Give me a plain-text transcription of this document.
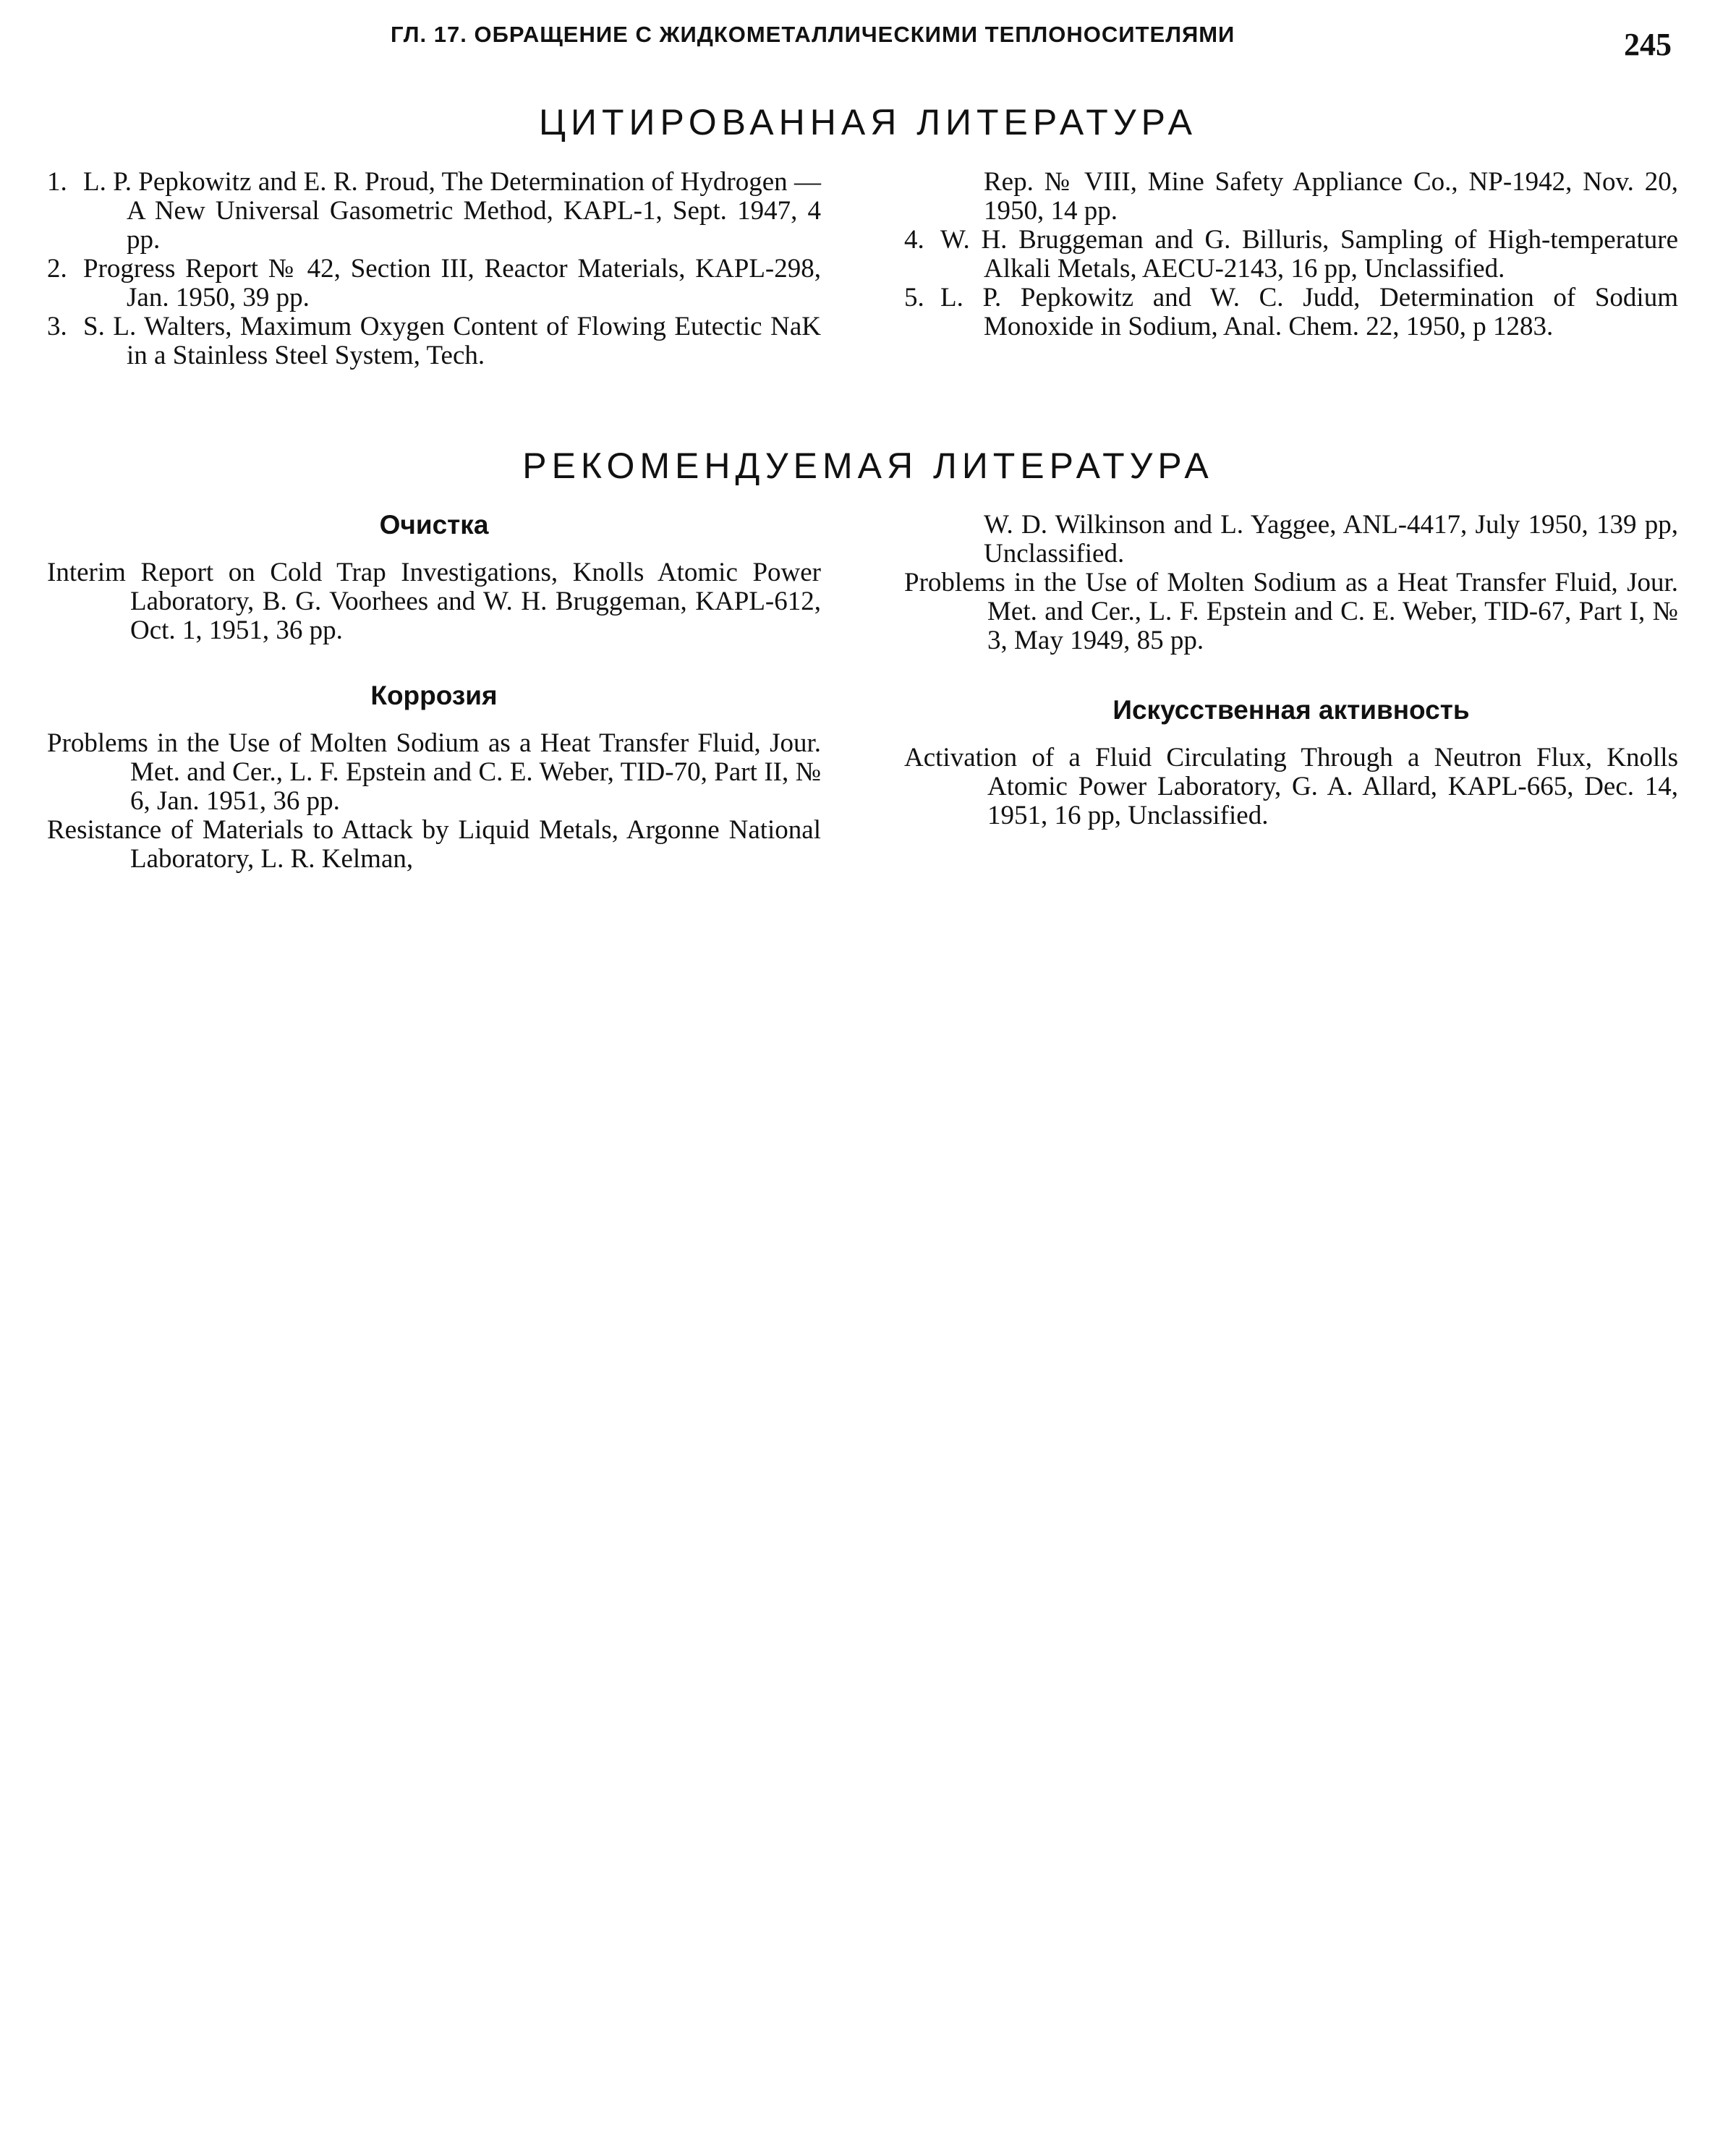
ГЛ. 17. ОБРАЩЕНИЕ С ЖИДКОМЕТАЛЛИЧЕСКИМИ ТЕПЛОНОСИТЕЛЯМИ	245
ЦИТИРОВАННАЯ ЛИТЕРАТУРА
1. L. P. Pepkowitz and E. R. Proud, The Determination of Hydrogen — A New Universal Gasometric Method, KAPL-1, Sept. 1947, 4 pp.
2. Progress Report № 42, Section III, Reactor Materials, KAPL-298, Jan. 1950, 39 pp.
3. S. L. Walters, Maximum Oxygen Content of Flowing Eutectic NaK in a Stainless Steel System, Tech.
Rep. № VIII, Mine Safety Appliance Co., NP-1942, Nov. 20, 1950, 14 pp.
4. W. H. Bruggeman and G. Billuris, Sampling of High-temperature Alkali Metals, AECU-2143, 16 pp, Unclassified.
5. L. P. Pepkowitz and W. C. Judd, Determination of Sodium Monoxide in Sodium, Anal. Chem. 22, 1950, p 1283.
РЕКОМЕНДУЕМАЯ ЛИТЕРАТУРА
Очистка
Interim Report on Cold Trap Investigations, Knolls Atomic Power Laboratory, B. G. Voorhees and W. H. Bruggeman, KAPL-612, Oct. 1, 1951, 36 pp.
Коррозия
Problems in the Use of Molten Sodium as a Heat Transfer Fluid, Jour. Met. and Cer., L. F. Epstein and C. E. Weber, TID-70, Part II, № 6, Jan. 1951, 36 pp.
Resistance of Materials to Attack by Liquid Metals, Argonne National Laboratory, L. R. Kelman,
W. D. Wilkinson and L. Yaggee, ANL-4417, July 1950, 139 pp, Unclassified.
Problems in the Use of Molten Sodium as a Heat Transfer Fluid, Jour. Met. and Cer., L. F. Epstein and C. E. Weber, TID-67, Part I, № 3, May 1949, 85 pp.
Искусственная активность
Activation of a Fluid Circulating Through a Neutron Flux, Knolls Atomic Power Laboratory, G. A. Allard, KAPL-665, Dec. 14, 1951, 16 pp, Unclassified.
